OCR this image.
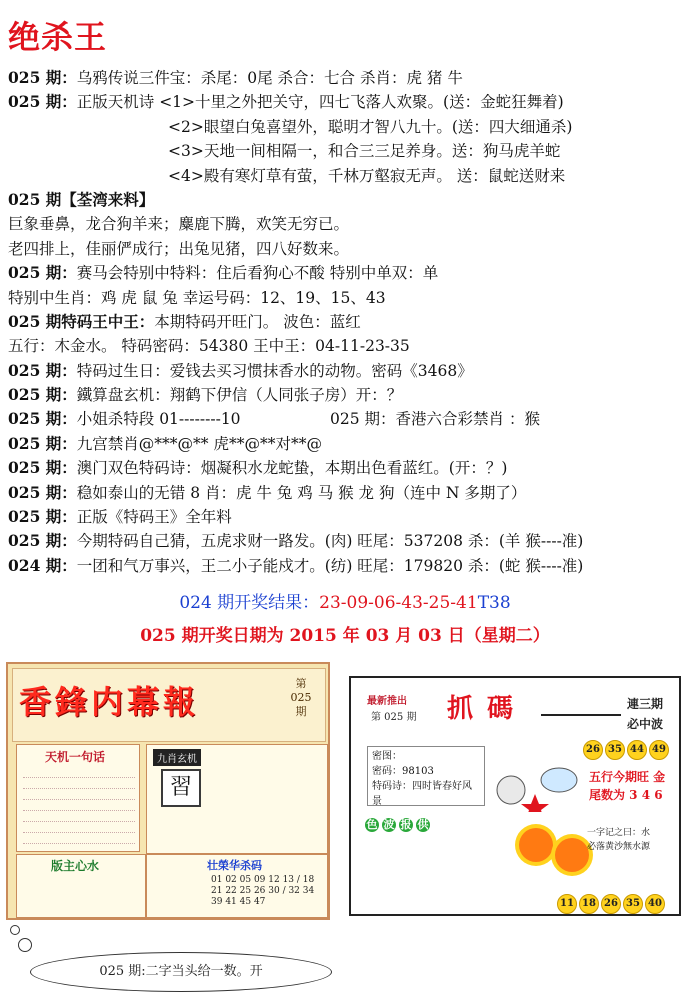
绝杀王
025 期：乌鸦传说三件宝：杀尾：0尾 杀合：七合 杀肖：虎 猪 牛
025 期：正版天机诗 <1>十里之外把关守，四七飞落人欢聚。(送：金蛇狂舞着)
<2>眼望白兔喜望外，聪明才智八九十。(送：四大细通杀)
<3>天地一间相隔一，和合三三足养身。送：狗马虎羊蛇
<4>殿有寒灯草有萤，千林万壑寂无声。 送：鼠蛇送财来
025 期【荃湾来料】
巨象垂鼻，龙合狗羊来；麋鹿下腾，欢笑无穷已。
老四排上，佳丽俨成行；出兔见猪，四八好数来。
025 期：赛马会特别中特料：住后看狗心不酸 特别中单双：单
特别中生肖：鸡 虎 鼠 兔 幸运号码：12、19、15、43
025 期特码王中王：本期特码开旺门。 波色：蓝红
五行：木金水。 特码密码：54380 王中王：04-11-23-35
025 期：特码过生日：爱钱去买习惯抹香水的动物。密码《3468》
025 期：鐵算盘玄机：翔鹤下伊信（人同张子房）开：？
025 期：小姐杀特段 01--------10	025 期：香港六合彩禁肖 ：猴
025 期：九宫禁肖@***@** 虎**@**对**@
025 期：澳门双色特码诗：烟凝积水龙蛇蛰，本期出色看蓝红。(开：？)
025 期：稳如泰山的无错 8 肖：虎 牛 兔 鸡 马 猴 龙 狗（连中 N 多期了）
025 期：正版《特码王》全年料
025 期：今期特码自己猜，五虎求财一路发。(肉) 旺尾：537208 杀：(羊 猴----准)
024 期：一团和气万事兴，王二小子能戍才。(纺) 旺尾：179820 杀：(蛇 猴----准)
024 期开奖结果：23-09-06-43-25-41T38
025 期开奖日期为 2015 年 03 月 03 日（星期二）
香鋒内幕報	第 025 期
天机一句话
版主心水
九肖玄机
習
壮榮华杀码
01 02 05 09 12 13 / 18 21 22 25 26 30 / 32 34 39 41 45 47
最新推出
第 025 期 抓碼	連三期
必中波
26 35 44 49
密图：
密码：98103
特码诗：四时皆春好风景
五行今期旺 金
尾数为 3 4 6
色 波 报 供
一字记之曰：水
必落黄沙無水源
11 18 26 35 40
025 期:二字当头给一数。开
